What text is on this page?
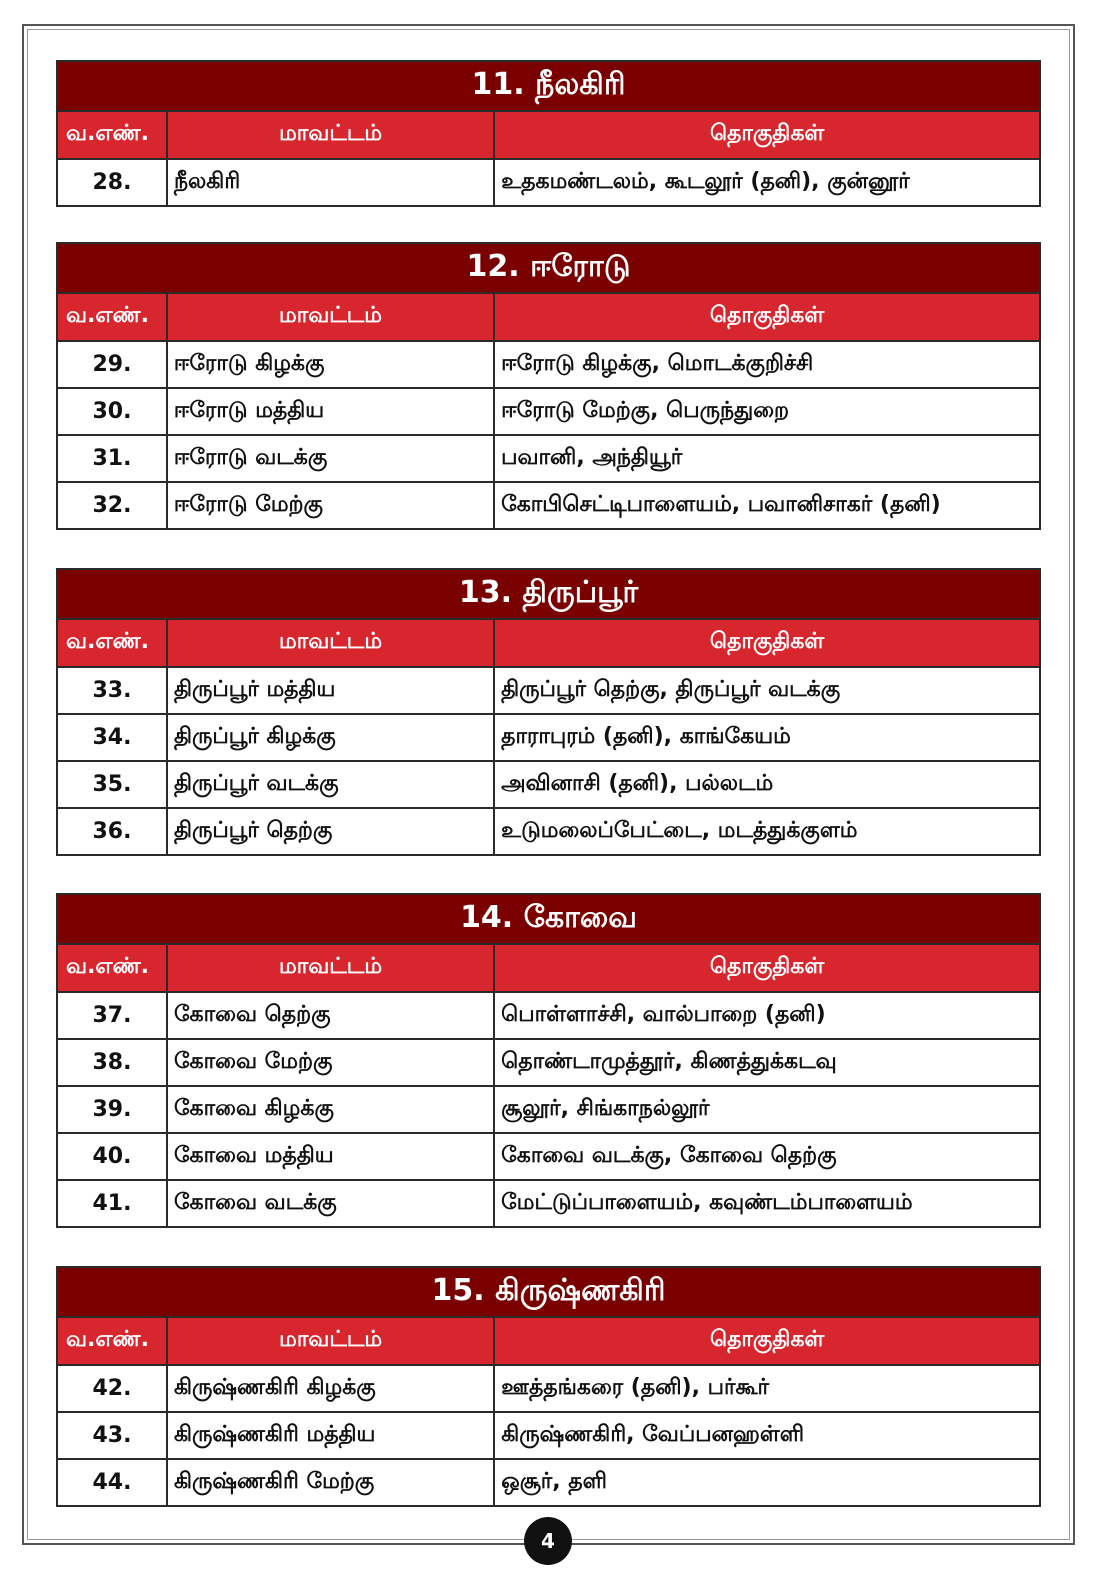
11. நீலகிரி		
வ.எண்.	மாவட்டம்	தொகுதிகள்
28.	நீலகிரி	உதகமண்டலம், கூடலூர் (தனி), குன்னூர்
12. ஈரோடு		
வ.எண்.	மாவட்டம்	தொகுதிகள்
29.	ஈரோடு கிழக்கு	ஈரோடு கிழக்கு, மொடக்குறிச்சி
30.	ஈரோடு மத்திய	ஈரோடு மேற்கு, பெருந்துறை
31.	ஈரோடு வடக்கு	பவானி, அந்தியூர்
32.	ஈரோடு மேற்கு	கோபிசெட்டிபாளையம், பவானிசாகர் (தனி)
13. திருப்பூர்		
வ.எண்.	மாவட்டம்	தொகுதிகள்
33.	திருப்பூர் மத்திய	திருப்பூர் தெற்கு, திருப்பூர் வடக்கு
34.	திருப்பூர் கிழக்கு	தாராபுரம் (தனி), காங்கேயம்
35.	திருப்பூர் வடக்கு	அவினாசி (தனி), பல்லடம்
36.	திருப்பூர் தெற்கு	உடுமலைப்பேட்டை, மடத்துக்குளம்
14. கோவை		
வ.எண்.	மாவட்டம்	தொகுதிகள்
37.	கோவை தெற்கு	பொள்ளாச்சி, வால்பாறை (தனி)
38.	கோவை மேற்கு	தொண்டாமுத்தூர், கிணத்துக்கடவு
39.	கோவை கிழக்கு	சூலூர், சிங்காநல்லூர்
40.	கோவை மத்திய	கோவை வடக்கு, கோவை தெற்கு
41.	கோவை வடக்கு	மேட்டுப்பாளையம், கவுண்டம்பாளையம்
15. கிருஷ்ணகிரி		
வ.எண்.	மாவட்டம்	தொகுதிகள்
42.	கிருஷ்ணகிரி கிழக்கு	ஊத்தங்கரை (தனி), பர்கூர்
43.	கிருஷ்ணகிரி மத்திய	கிருஷ்ணகிரி, வேப்பனஹள்ளி
44.	கிருஷ்ணகிரி மேற்கு	ஒசூர், தளி
4
